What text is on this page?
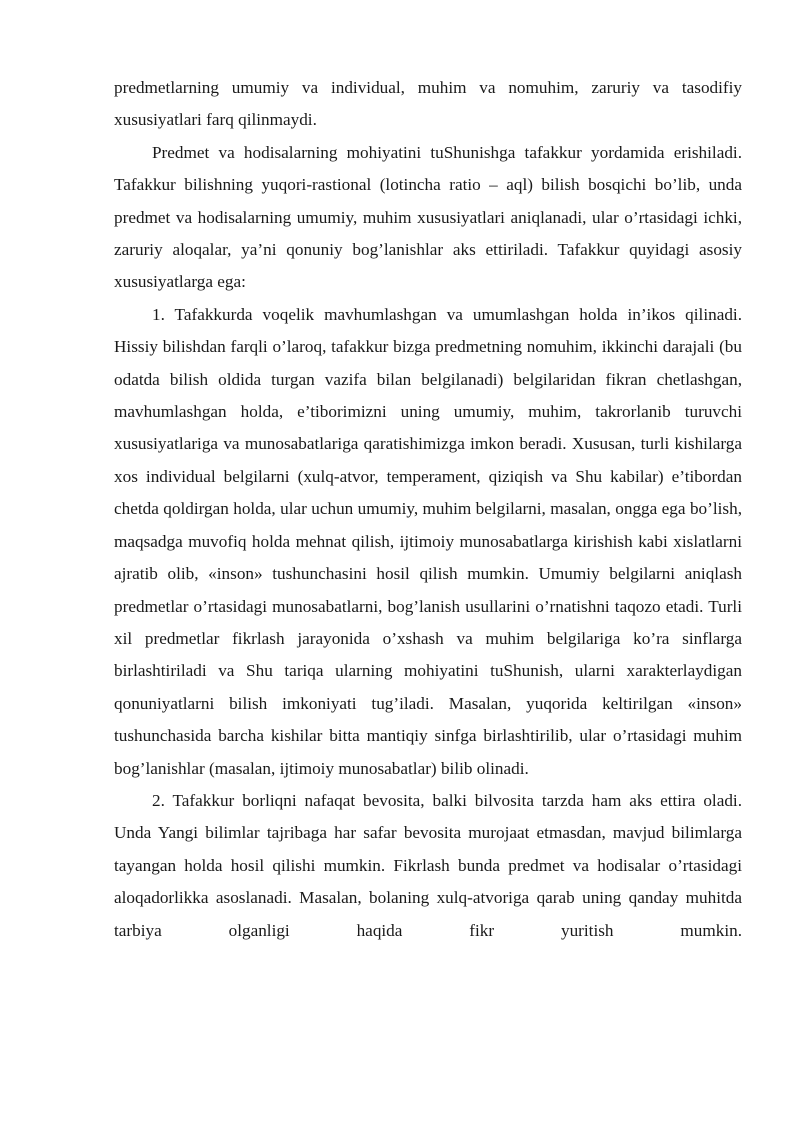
predmetlarning umumiy va individual, muhim va nomuhim, zaruriy va tasodifiy xususiyatlari farq qilinmaydi.

Predmet va hodisalarning mohiyatini tuShunishga tafakkur yordamida erishiladi. Tafakkur bilishning yuqori-rastional (lotincha ratio – aql) bilish bosqichi bo’lib, unda predmet va hodisalarning umumiy, muhim xususiyatlari aniqlanadi, ular o’rtasidagi ichki, zaruriy aloqalar, ya’ni qonuniy bog’lanishlar aks ettiriladi. Tafakkur quyidagi asosiy xususiyatlarga ega:

1. Tafakkurda voqelik mavhumlashgan va umumlashgan holda in’ikos qilinadi. Hissiy bilishdan farqli o’laroq, tafakkur bizga predmetning nomuhim, ikkinchi darajali (bu odatda bilish oldida turgan vazifa bilan belgilanadi) belgilaridan fikran chetlashgan, mavhumlashgan holda, e’tiborimizni uning umumiy, muhim, takrorlanib turuvchi xususiyatlariga va munosabatlariga qaratishimizga imkon beradi. Xususan, turli kishilarga xos individual belgilarni (xulq-atvor, temperament, qiziqish va Shu kabilar) e’tibordan chetda qoldirgan holda, ular uchun umumiy, muhim belgilarni, masalan, ongga ega bo’lish, maqsadga muvofiq holda mehnat qilish, ijtimoiy munosabatlarga kirishish kabi xislatlarni ajratib olib, «inson» tushunchasini hosil qilish mumkin. Umumiy belgilarni aniqlash predmetlar o’rtasidagi munosabatlarni, bog’lanish usullarini o’rnatishni taqozo etadi. Turli xil predmetlar fikrlash jarayonida o’xshash va muhim belgilariga ko’ra sinflarga birlashtiriladi va Shu tariqa ularning mohiyatini tuShunish, ularni xarakterlaydigan qonuniyatlarni bilish imkoniyati tug’iladi. Masalan, yuqorida keltirilgan «inson» tushunchasida barcha kishilar bitta mantiqiy sinfga birlashtirilib, ular o’rtasidagi muhim bog’lanishlar (masalan, ijtimoiy munosabatlar) bilib olinadi.

2. Tafakkur borliqni nafaqat bevosita, balki bilvosita tarzda ham aks ettira oladi. Unda Yangi bilimlar tajribaga har safar bevosita murojaat etmasdan, mavjud bilimlarga tayangan holda hosil qilishi mumkin. Fikrlash bunda predmet va hodisalar o’rtasidagi aloqadorlikka asoslanadi. Masalan, bolaning xulq-atvoriga qarab uning qanday muhitda tarbiya olganligi haqida fikr yuritish mumkin.
